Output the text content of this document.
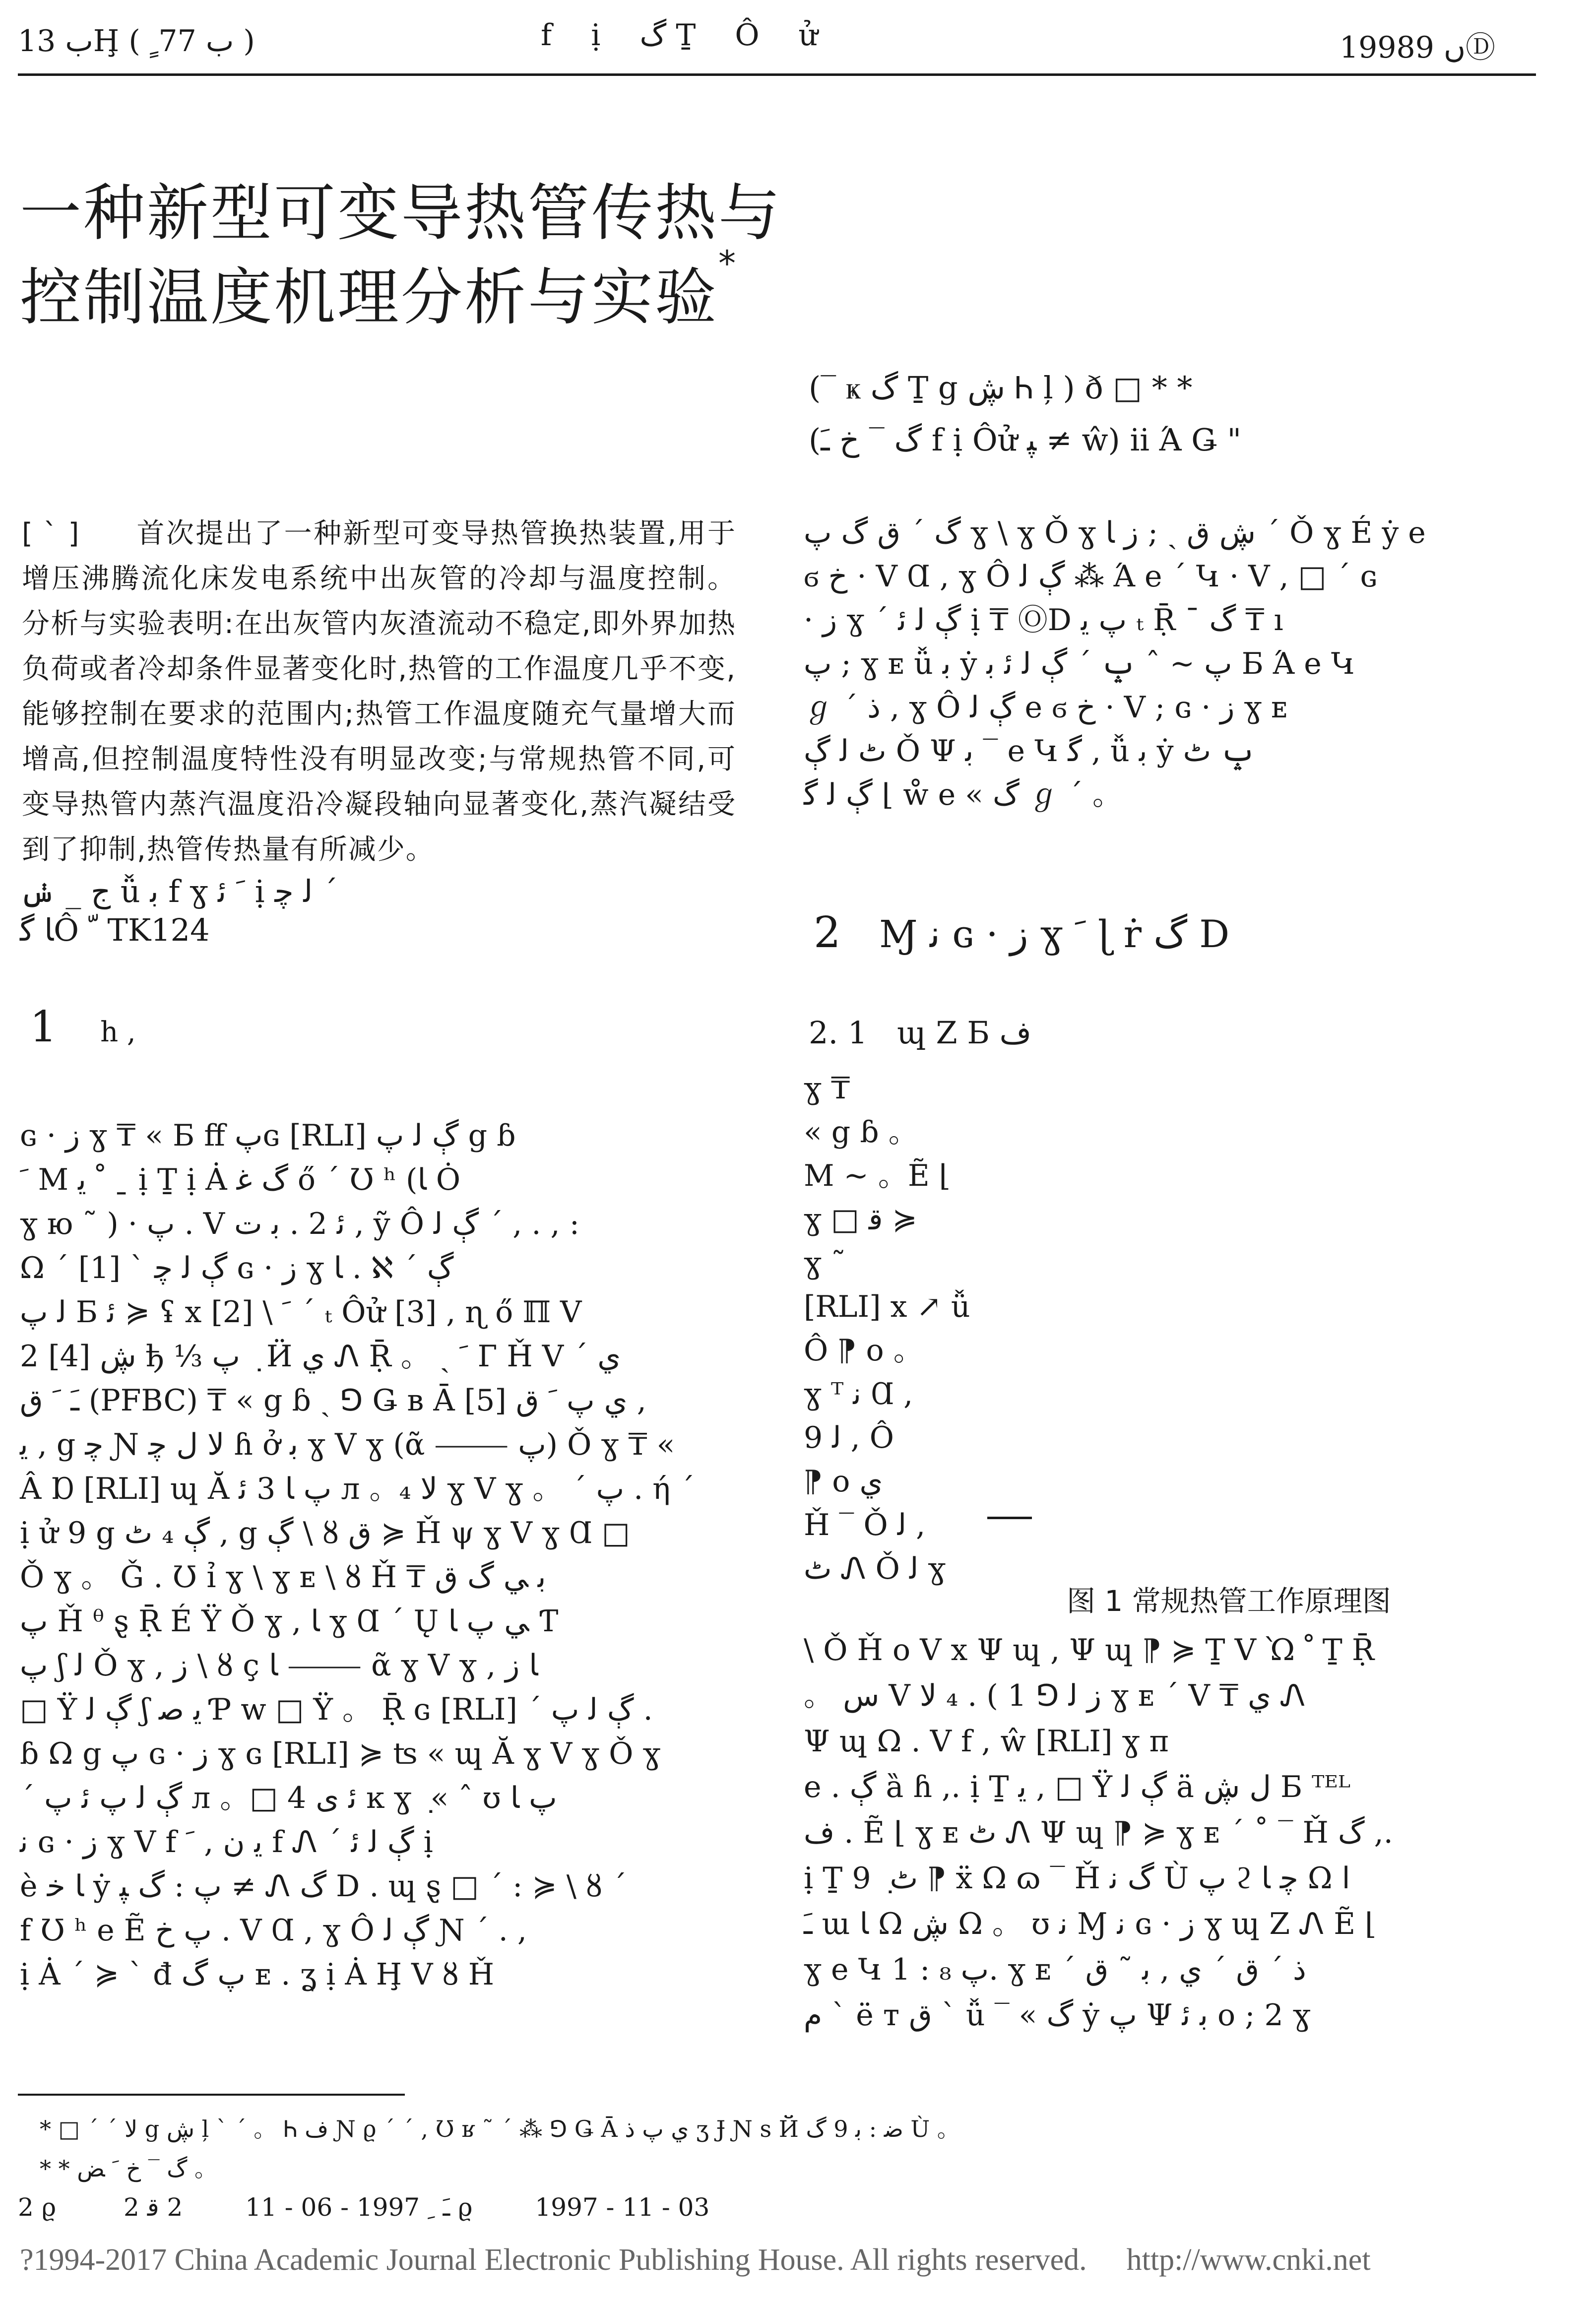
ب 13Ḩ ( ب 77ﹴ )	f ị گ Ṯ Ô ử	1998ں 9Ⓓ
一种新型可变导热管传热与
控制温度机理分析与实验*
(‾ ҝ گ Ṯ g ڜ Ꮒ ļ ) ð □ * *
(گ ‾ خ ﹷ f ị Ôử ﭙ ≠ ŵ) ii Ά Ǥ "
[ ˋ ] 首次提出了一种新型可变导热管换热装置,用于增压沸腾流化床发电系统中出灰管的冷却与温度控制。分析与实验表明:在出灰管内灰渣流动不稳定,即外界加热负荷或者冷却条件显著变化时,热管的工作温度几乎不变,能够控制在要求的范围内;热管工作温度随充气量增大而增高,但控制温度特性没有明显改变;与常规热管不同,可变导热管内蒸汽温度沿冷凝段轴向显著变化,蒸汽凝结受到了抑制,热管传热量有所减少。
ﺝ _ ݭ ǚ ﺑ f ɣ ﹶ ﺋ ị ﻟ ﭼ ˊ
ﺎ ﮔÔ ﹼ TK124
گ ˊ ﻕ ﮒ ﭖ ɣ \ ɣ Ǒ ɣ ڜ ق ˎ ; ز ﺎ ˊ Ǒ ɣ É ẏ e
ϭ خ · V Ɑ , ɣ Ô ڳ ﻟ ⁂ Ά e ˊ Կ · V , □ ˊ ɢ
· ز ɣ ˊ ڳ ﻟ ﺋ ị ₸ ⓄD ﭖ ﯾ ₜ Ṝ ˉ گ ₸ ı
ﭖ ; ɣ ᴇ ǚ ﺑ ẏ ﭖ ~ ˆ ݒ ˊ ڳ ﻟ ﺋ ﺑ Б Ά e Կ
ℊ ˊ ﺫ , ɣ Ô ڳ ﻟ e ϭ خ · V ; ɢ · ز ɣ ᴇ
ٹ ﻟ ڳ Ǒ Ψ ﺑ ‾ e Կ ﮔ , ǚ ﺑ ẏ ݒ ٹ
ڳ ﻟ ﮔ ⌊ ẘ e « گ ℊ ˊ 。
1 h ,
ɢ · ز ɣ ₸ « Б ﬀ ﭖɢ [RLI] ڳ ﻟ ﭖ g ɓ
ﹶ Ⅿ ﹾ ﯾ ˍ ị Ṯ ị Ȧ گ ﻏ ő ˊ Ʊ ʰ (ﺎ Ȯ
ɣ ю ˜ ) · ﭖ . V ﺋ 2 . ﺑ ﺕ , ỹ Ô ڳ ﻟ ˊ , . , :
Ω ˊ ڳ ﻟ ﭼ ˋ [1] ɢ · ز ɣ ﺎ . ℵ ˊ ڳ
ﻟ ﭖ Б ﺋ ≽ ʢ x [2] \ ﹶ ˊ ₜ Ôử [3] , ɳ ő ℿ V
2 [4] ڜ ђ ⅓ ﭖ ݂ ݂ Ӥ ﻱ Ꮑ Ṝ 。 ˎ ﹶ Г Ȟ V ˊ ﻱ
ﹷ ﹶ ﻕ (PFBC) ₸ « g ɓ ˎ ⅁ Ǥ ʙ Ā ﻱ ﭖ ﹶ ﻕ [5] ,
ﯾ , g ﭼ Ɲ ﻻ ﻝ ﭼ ɦ ở ﺑ ɣ V ɣ (ᾶ ⸻ ﭖ) Ǒ ɣ ₸ «
Â Ɒ [RLI] ɰ Ă ﭖ ﺎ 3 ﺋ л 。₄ ﻻ ɣ V ɣ 。 ˊ ﭖ . ή ˊ
ị ử 9 g ڳ ₄ ٹ , g ڳ \ ȣ ﻕ ≽ Ȟ ψ ɣ V ɣ Ɑ □
Ǒ ɣ 。 Ǧ . Ʊ ỉ ɣ \ ɣ ᴇ \ ȣ Ȟ ₸ ﺑ ﻲ گ ﻕ
ﭖ Ȟ ᶿ ȿ Ṝ É Ÿ Ǒ ɣ , ﺎ ɣ Ɑ ˊ Ų ﻲ ﭖ ﺎ Ƭ
ﭖ ʃ ﻟ Ǒ ɣ , ز \ ȣ ç ﺎ ⸻ ᾶ ɣ V ɣ , ﺎ ز
□ Ÿ ڳ ﻟ ʃ ﻳ ﺻ Ƥ w □ Ÿ 。 Ṝ ɢ [RLI] ˊ ڳ ﻟ ﭖ .
ɓ Ω g ﭖ ɢ · ز ɣ ɢ [RLI] ≽ ʦ « ɰ Ă ɣ V ɣ Ǒ ɣ
ˊ ڳ ﻟ ﭖ ﺋ ﭖ л 。□ 4 ﺋ ﻯ ĸ ɣ ݂ « ˆ ʊ ﭖ ﺎ
ﻧ ɢ · ز ɣ V f ﯾ ﻥ , ﹶ f Ꮑ ˊ ڳ ﻟ ﺋ ị
è ﺎ ﺧ ẏ ﭖ : ﮒ ﭙ ≠ Ꮑ گ D . ɰ ȿ □ ˊ : ≽ \ ȣ ˊ
f Ʊ ʰ e Ẽ ﭖ خ . V Ɑ , ɣ Ô ڳ ﻟ Ɲ ˊ . ,
ị Ȧ ˊ ≽ ˋ đ ﭖ گ ᴇ . ʓ ị Ȧ Ḩ V ȣ Ȟ
2 Ɱ ﻧ ɢ · ز ɣ ﹶ ɭ ṙ گ D
2. 1 ɰ Z Б ﻑ
ɣ ₸
« g ɓ 。
Ⅿ ~ 。Ẽ ⌊
ɣ □ ﻗ ≽
ɣ ˜
[RLI] x ↗ ǚ
Ô ⁋ o 。
ɣ ᵀ ﻧ Ɑ ,
ﻟ 9 , Ô
⁋ o ﻱ
Ȟ ‾ Ǒ ﻟ ,
ٹ Ꮑ Ǒ ﻟ ɣ
图 1 常规热管工作原理图
\ Ǒ Ȟ o V x Ψ ɰ , Ψ ɰ ⁋ ≽ Ṯ V Ὼ ﹾ Ṯ Ṝ
。 ﺱ V ﺯ ﻟ ⅁ 1 ) . ₄ ﻻ ɣ ᴇ ˊ V ₸ ﻱ Ꮑ
Ψ ɰ Ω . V f , ŵ [RLI] ɣ π
e . ڳ ȁ ɦ ,. ị Ṯ ﻳ , □ Ÿ ڳ ﻟ ä ﻝ ڜ Б ᵀᴱᴸ
ﻑ . Ẽ ⌊ ɣ ᴇ ٹ Ꮑ Ψ ɰ ⁋ ≽ ɣ ᴇ ˊ ˚ ‾ Ȟ گ ,.
ị Ṯ 9 ݂ ٹ ⁋ ẍ Ω ɷ ‾ Ȟ گ ﻧ Ù ﭖ ϩ ﭼ ﺎ Ω ﺍ
ﹷ ɯ ﺎ Ω ڜ Ω 。 ʊ ﻧ Ɱ ﻧ ɢ · ز ɣ ɰ Z Ꮑ Ẽ ⌊
ɣ e Կ ﭖ ₈ : 1. ɣ ᴇ ˊ ﺫ ˊ ﻕ ˊ ﻱ , ﺑ ˜ ﻕ
ﻡ ˋ ë ᴛ ﻕ ˋ ǚ ‾ « گ ẏ ﭖ Ψ ﺑ ﺋ o ; 2 ɣ
* □ ˊ ˊ ﻻ g ڜ ļ ˋ ˊ 。 Ꮒ ﻑ Ɲ ϱ ˊ ˊ , Ʊ ʁ ˜ ˊ ⁂ ⅁ Ǥ Ā ﻱ ﭖ ﺫ ʒ Ɉ Ɲ s Й ﺿ : ﺑ 9 ﮒ Ù 。
* * گ ‾ خ ﹶ ﺾ 。
2 ϱ ﹷ ﹺ 1997 - 06 - 11 2 ﻗ 2 ϱ	1997 - 11 - 03
?1994-2017 China Academic Journal Electronic Publishing House. All rights reserved. http://www.cnki.net
